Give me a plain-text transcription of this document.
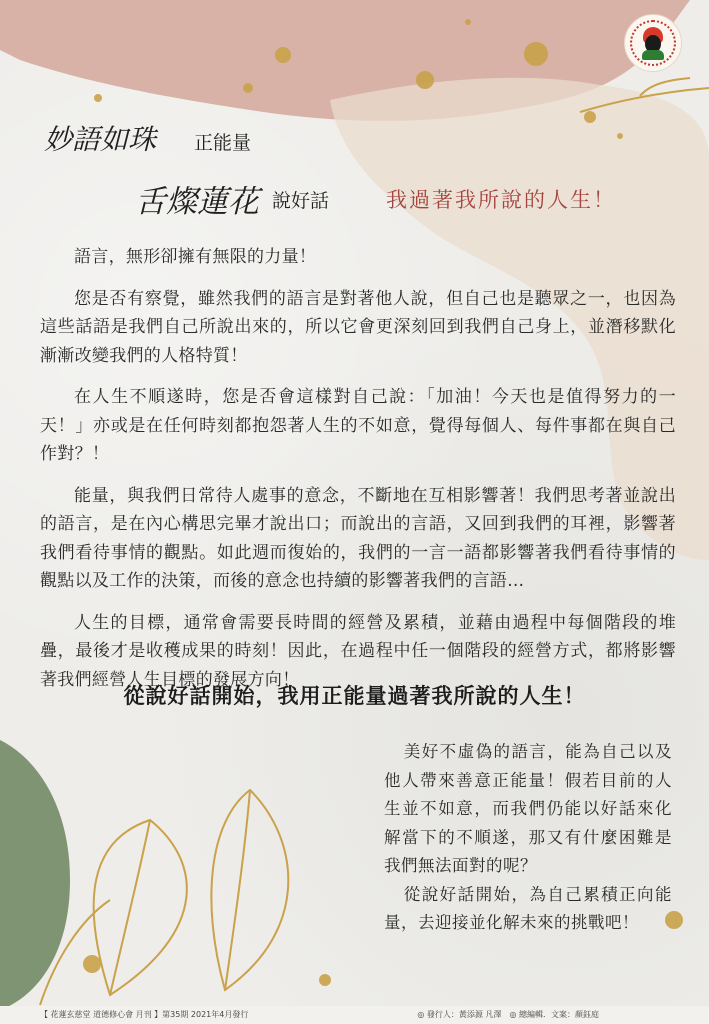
妙語如珠 正能量
舌燦蓮花 說好話	我過著我所說的人生！

語言，無形卻擁有無限的力量！

您是否有察覺，雖然我們的語言是對著他人說，但自己也是聽眾之一，也因為這些話語是我們自己所說出來的，所以它會更深刻回到我們自己身上，並潛移默化漸漸改變我們的人格特質！

在人生不順遂時，您是否會這樣對自己說：「加油！今天也是值得努力的一天！」亦或是在任何時刻都抱怨著人生的不如意，覺得每個人、每件事都在與自己作對？！

能量，與我們日常待人處事的意念，不斷地在互相影響著！我們思考著並說出的語言，是在內心構思完畢才說出口；而說出的言語，又回到我們的耳裡，影響著我們看待事情的觀點。如此週而復始的，我們的一言一語都影響著我們看待事情的觀點以及工作的決策，而後的意念也持續的影響著我們的言語…

人生的目標，通常會需要長時間的經營及累積，並藉由過程中每個階段的堆疊，最後才是收穫成果的時刻！因此，在過程中任一個階段的經營方式，都將影響著我們經營人生目標的發展方向！

從說好話開始，我用正能量過著我所說的人生！

美好不虛偽的語言，能為自己以及他人帶來善意正能量！假若目前的人生並不如意，而我們仍能以好話來化解當下的不順遂，那又有什麼困難是我們無法面對的呢？

從說好話開始，為自己累積正向能量，去迎接並化解未來的挑戰吧！

【 花蓮玄慈堂 道德修心會 月刊 】第35期 2021年4月發行	◎ 發行人：黃添源 凡澤　◎ 總編輯．文案：顏鈺庭
